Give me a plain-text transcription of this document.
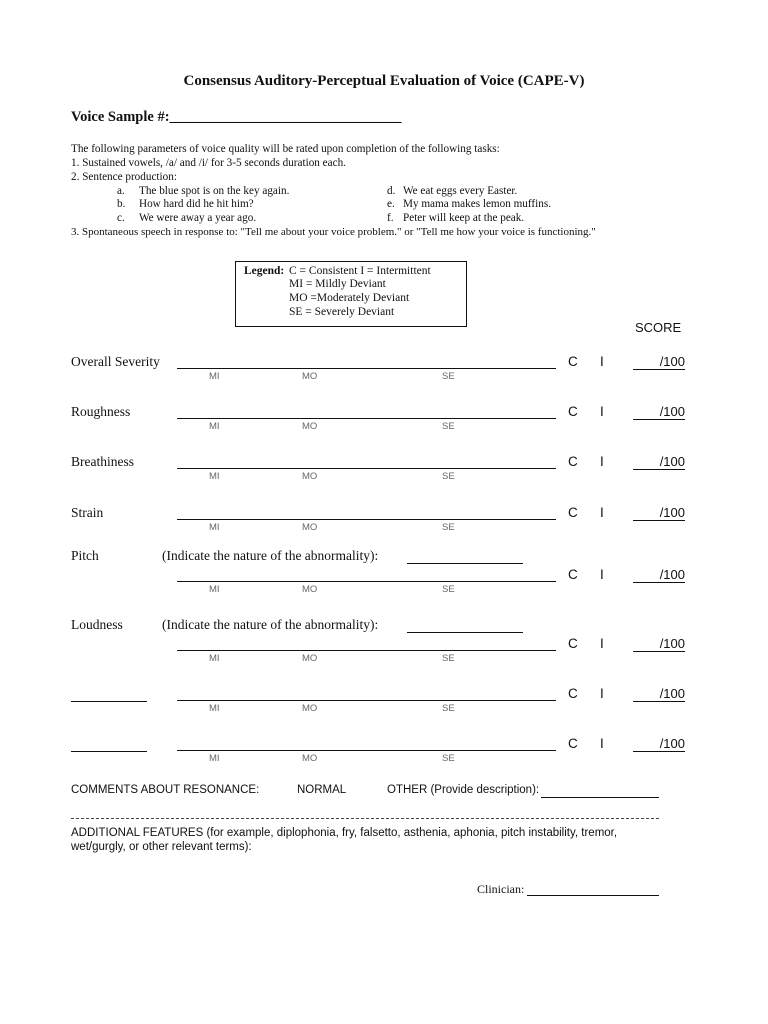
Consensus Auditory-Perceptual Evaluation of Voice (CAPE-V)
Voice Sample #:________________________________
The following parameters of voice quality will be rated upon completion of the following tasks:
1. Sustained vowels, /a/ and /i/ for 3-5 seconds duration each.
2. Sentence production:
a. The blue spot is on the key again.	d. We eat eggs every Easter.
b. How hard did he hit him?	e. My mama makes lemon muffins.
c. We were away a year ago.	f. Peter will keep at the peak.
3. Spontaneous speech in response to: "Tell me about your voice problem." or "Tell me how your voice is functioning."
Legend: C = Consistent I = Intermittent
MI = Mildly Deviant
MO =Moderately Deviant
SE = Severely Deviant
SCORE
Overall Severity
MI	MO	SE
C I	/100
Roughness
MI	MO	SE
C I	/100
Breathiness
MI	MO	SE
C I	/100
Strain
MI	MO	SE
C I	/100
Pitch	(Indicate the nature of the abnormality):
MI	MO	SE
C I	/100
Loudness	(Indicate the nature of the abnormality):
MI	MO	SE
C I	/100
MI	MO	SE
C I	/100
MI	MO	SE
C I	/100
COMMENTS ABOUT RESONANCE:	NORMAL	OTHER (Provide description):
ADDITIONAL FEATURES (for example, diplophonia, fry, falsetto, asthenia, aphonia, pitch instability, tremor,
wet/gurgly, or other relevant terms):
Clinician:
